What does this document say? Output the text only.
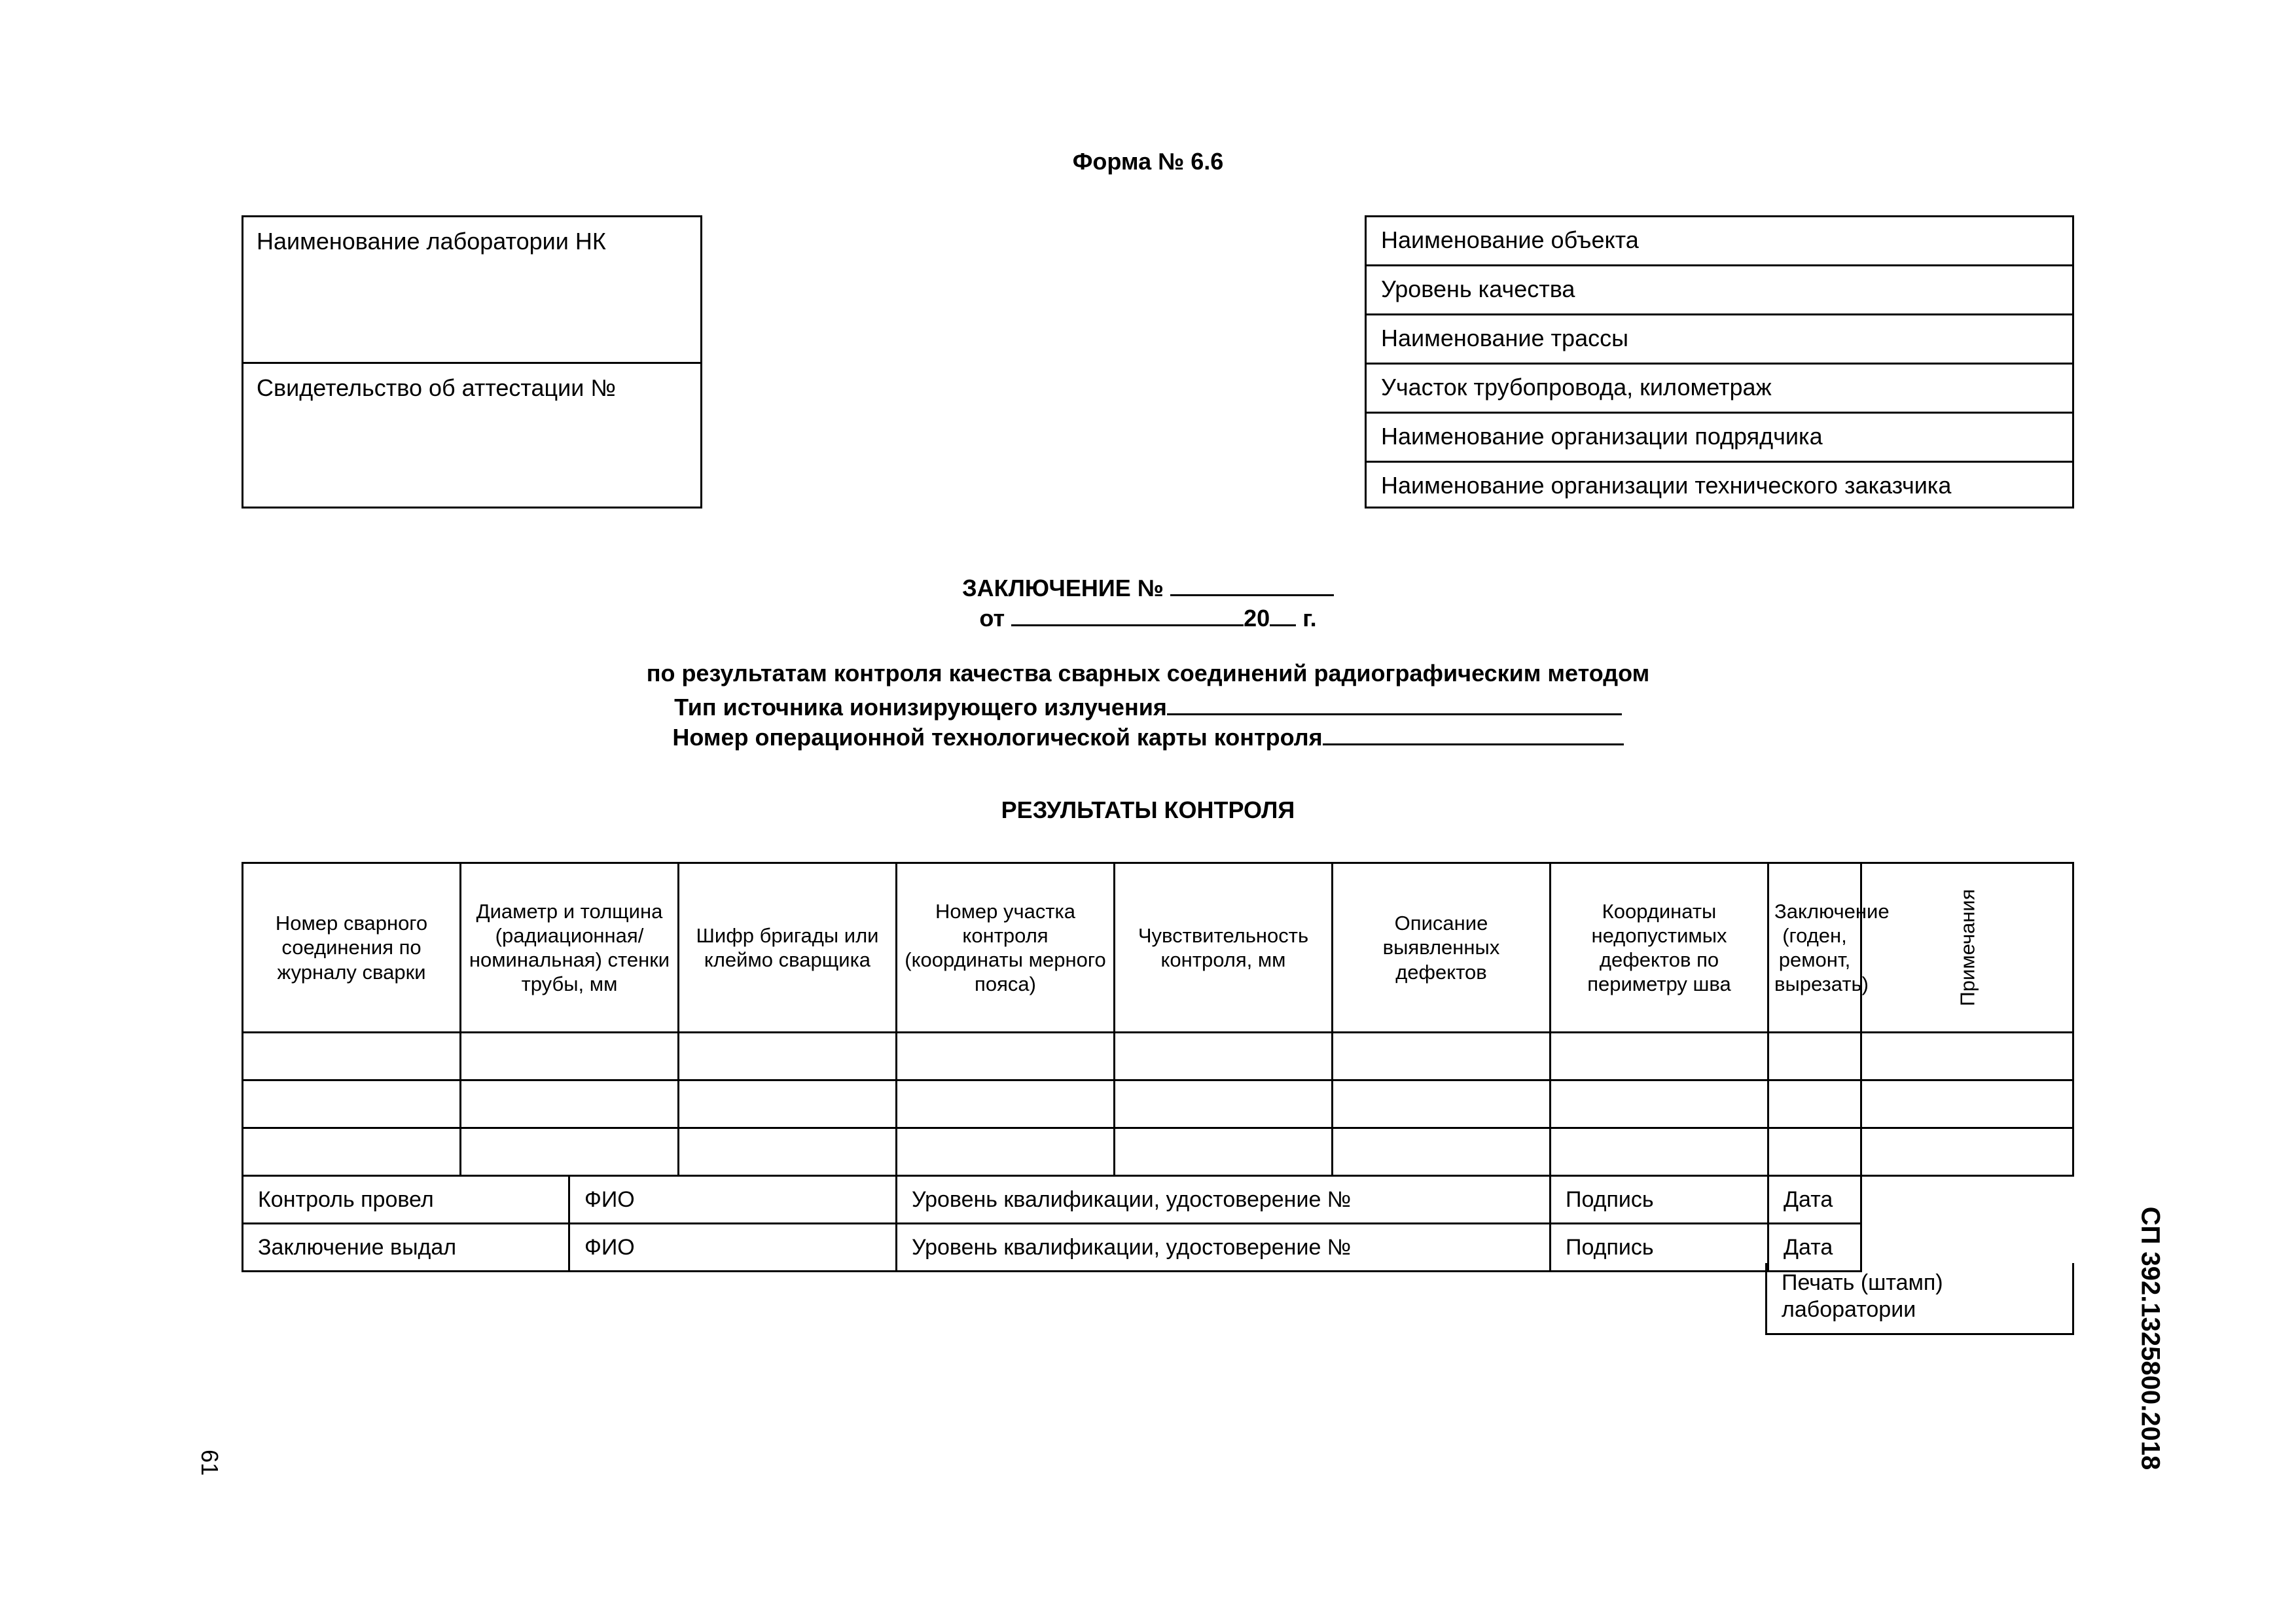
Форма № 6.6
Наименование лаборатории НК
Свидетельство об аттестации №
Наименование объекта
Уровень качества
Наименование трассы
Участок трубопровода, километраж
Наименование организации подрядчика
Наименование организации технического заказчика
ЗАКЛЮЧЕНИЕ №
от	20 г.
по результатам контроля качества сварных соединений радиографическим методом
Тип источника ионизирующего излучения
Номер операционной технологической карты контроля
РЕЗУЛЬТАТЫ КОНТРОЛЯ
Номер сварного соединения по журналу сварки	Диаметр и толщина (радиационная/ номинальная) стенки трубы, мм		Шифр бригады или клеймо сварщика	Номер участка контроля (координаты мерного пояса)	Чувствительность контроля, мм	Описание выявленных дефектов	Координаты недопустимых дефектов по периметру шва	Заключение (годен, ремонт, вырезать)	Примечания

Контроль провел		ФИО		Уровень квалификации, удостоверение №			Подпись	Дата	
Заключение выдал		ФИО		Уровень квалификации, удостоверение №			Подпись	Дата	
Печать (штамп) лаборатории	СП 392.1325800.2018
61
